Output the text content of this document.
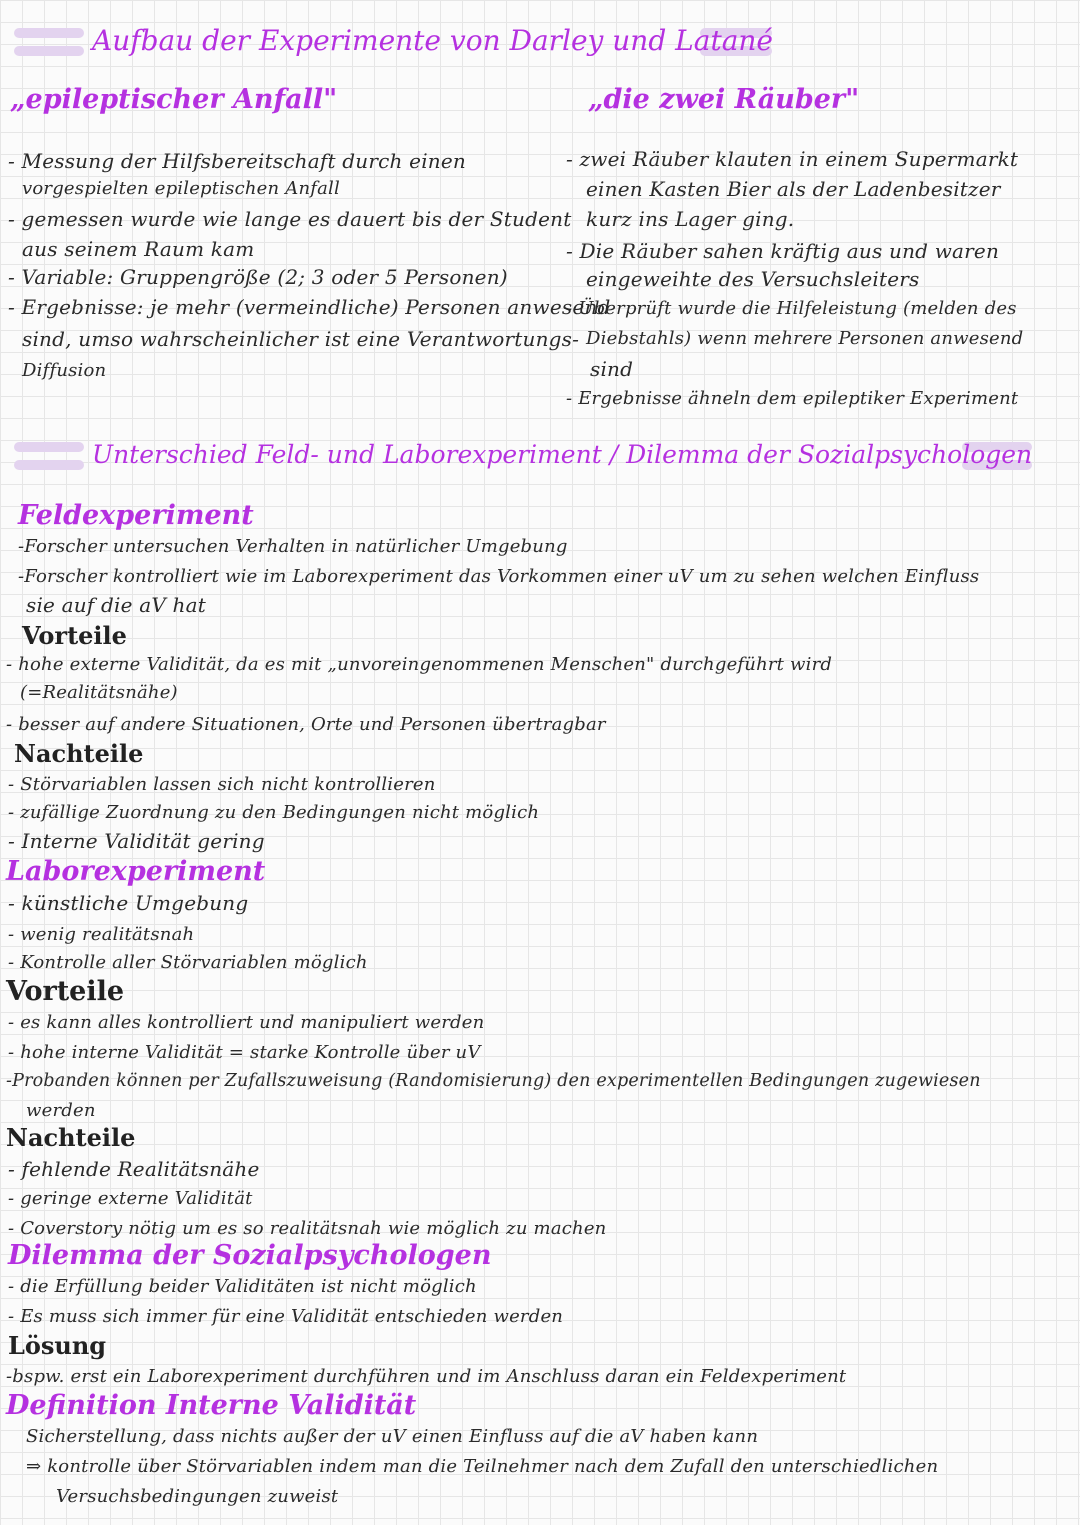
Aufbau der Experimente von Darley und Latané
„epileptischer Anfall"
- Messung der Hilfsbereitschaft durch einen
vorgespielten epileptischen Anfall
- gemessen wurde wie lange es dauert bis der Student
aus seinem Raum kam
- Variable: Gruppengröße (2; 3 oder 5 Personen)
- Ergebnisse: je mehr (vermeindliche) Personen anwesend
sind, umso wahrscheinlicher ist eine Verantwortungs-
Diffusion
„die zwei Räuber"
- zwei Räuber klauten in einem Supermarkt
einen Kasten Bier als der Ladenbesitzer
kurz ins Lager ging.
- Die Räuber sahen kräftig aus und waren
eingeweihte des Versuchsleiters
- Überprüft wurde die Hilfeleistung (melden des
Diebstahls) wenn mehrere Personen anwesend
sind
- Ergebnisse ähneln dem epileptiker Experiment
Unterschied Feld- und Laborexperiment / Dilemma der Sozialpsychologen
Feldexperiment
-Forscher untersuchen Verhalten in natürlicher Umgebung
-Forscher kontrolliert wie im Laborexperiment das Vorkommen einer uV um zu sehen welchen Einfluss
sie auf die aV hat
Vorteile
- hohe externe Validität, da es mit „unvoreingenommenen Menschen" durchgeführt wird
(=Realitätsnähe)
- besser auf andere Situationen, Orte und Personen übertragbar
Nachteile
- Störvariablen lassen sich nicht kontrollieren
- zufällige Zuordnung zu den Bedingungen nicht möglich
- Interne Validität gering
Laborexperiment
- künstliche Umgebung
- wenig realitätsnah
- Kontrolle aller Störvariablen möglich
Vorteile
- es kann alles kontrolliert und manipuliert werden
- hohe interne Validität = starke Kontrolle über uV
-Probanden können per Zufallszuweisung (Randomisierung) den experimentellen Bedingungen zugewiesen
werden
Nachteile
- fehlende Realitätsnähe
- geringe externe Validität
- Coverstory nötig um es so realitätsnah wie möglich zu machen
Dilemma der Sozialpsychologen
- die Erfüllung beider Validitäten ist nicht möglich
- Es muss sich immer für eine Validität entschieden werden
Lösung
-bspw. erst ein Laborexperiment durchführen und im Anschluss daran ein Feldexperiment
Definition Interne Validität
Sicherstellung, dass nichts außer der uV einen Einfluss auf die aV haben kann
⇒ kontrolle über Störvariablen indem man die Teilnehmer nach dem Zufall den unterschiedlichen
Versuchsbedingungen zuweist
